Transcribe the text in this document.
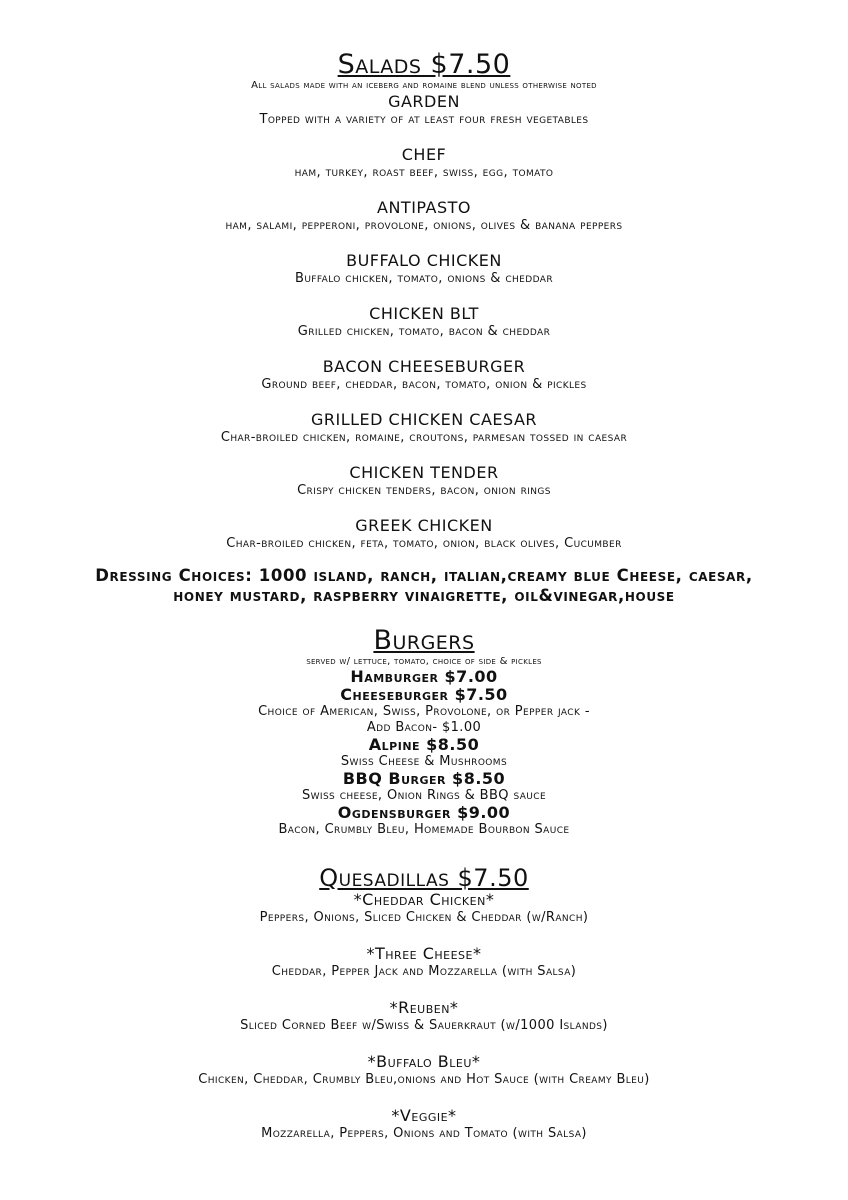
Salads $7.50
All salads made with an iceberg and romaine blend unless otherwise noted
GARDEN
Topped with a variety of at least four fresh vegetables
CHEF
ham, turkey, roast beef, swiss, egg, tomato
ANTIPASTO
ham, salami, pepperoni, provolone, onions, olives & banana peppers
BUFFALO CHICKEN
Buffalo chicken, tomato, onions & cheddar
CHICKEN BLT
Grilled chicken, tomato, bacon & cheddar
BACON CHEESEBURGER
Ground beef, cheddar, bacon, tomato, onion & pickles
GRILLED CHICKEN CAESAR
Char-broiled chicken, romaine, croutons, parmesan tossed in caesar
CHICKEN TENDER
Crispy chicken tenders, bacon, onion rings
GREEK CHICKEN
Char-broiled chicken, feta, tomato, onion, black olives, Cucumber
Dressing Choices: 1000 island, ranch, italian,creamy blue Cheese, caesar,
honey mustard, raspberry vinaigrette, oil&vinegar,house
Burgers
served w/ lettuce, tomato, choice of side & pickles
Hamburger $7.00
Cheeseburger $7.50
Choice of American, Swiss, Provolone, or Pepper jack -
Add Bacon- $1.00
Alpine $8.50
Swiss Cheese & Mushrooms
BBQ Burger $8.50
Swiss cheese, Onion Rings & BBQ sauce
Ogdensburger $9.00
Bacon, Crumbly Bleu, Homemade Bourbon Sauce
Quesadillas $7.50
*Cheddar Chicken*
Peppers, Onions, Sliced Chicken & Cheddar (w/Ranch)
*Three Cheese*
Cheddar, Pepper Jack and Mozzarella (with Salsa)
*Reuben*
Sliced Corned Beef w/Swiss & Sauerkraut (w/1000 Islands)
*Buffalo Bleu*
Chicken, Cheddar, Crumbly Bleu,onions and Hot Sauce (with Creamy Bleu)
*Veggie*
Mozzarella, Peppers, Onions and Tomato (with Salsa)
